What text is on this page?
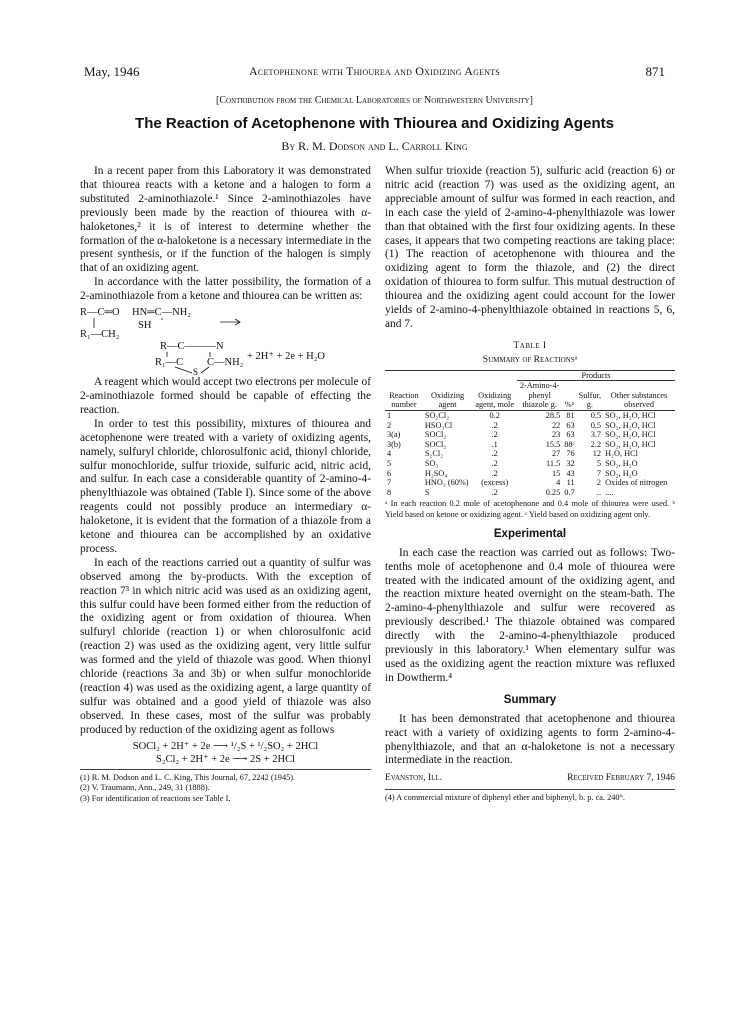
May, 1946	Acetophenone with Thiourea and Oxidizing Agents	871
[Contribution from the Chemical Laboratories of Northwestern University]
The Reaction of Acetophenone with Thiourea and Oxidizing Agents
By R. M. Dodson and L. Carroll King

In a recent paper from this Laboratory it was demonstrated that thiourea reacts with a ketone and a halogen to form a substituted 2-aminothiazole.¹ Since 2-aminothiazoles have previously been made by the reaction of thiourea with α-haloketones,² it is of interest to determine whether the formation of the α-haloketone is a necessary intermediate in the present synthesis, or if the function of the halogen is simply that of an oxidizing agent.

In accordance with the latter possibility, the formation of a 2-aminothiazole from a ketone and thiourea can be written as:

R—C═O HN═C—NH₂
R₁—CH₂
SH
R—C———N
R₁—C C—NH₂
S
+ 2H⁺ + 2e + H₂O

A reagent which would accept two electrons per molecule of 2-aminothiazole formed should be capable of effecting the reaction.

In order to test this possibility, mixtures of thiourea and acetophenone were treated with a variety of oxidizing agents, namely, sulfuryl chloride, chlorosulfonic acid, thionyl chloride, sulfur monochloride, sulfur trioxide, sulfuric acid, nitric acid, and sulfur. In each case a considerable quantity of 2-amino-4-phenylthiazole was obtained (Table I). Since some of the above reagents could not possibly produce an intermediary α-haloketone, it is evident that the formation of a thiazole from a ketone and thiourea can be accomplished by an oxidative process.

In each of the reactions carried out a quantity of sulfur was observed among the by-products. With the exception of reaction 7³ in which nitric acid was used as an oxidizing agent, this sulfur could have been formed either from the reduction of the oxidizing agent or from oxidation of thiourea. When sulfuryl chloride (reaction 1) or when chlorosulfonic acid (reaction 2) was used as the oxidizing agent, very little sulfur was formed and the yield of thiazole was good. When thionyl chloride (reactions 3a and 3b) or when sulfur monochloride (reaction 4) was used as the oxidizing agent, a large quantity of sulfur was obtained and a good yield of thiazole was also observed. In these cases, most of the sulfur was probably produced by reduction of the oxidizing agent as follows

SOCl₂ + 2H⁺ + 2e ⟶ ¹/₂S + ¹/₂SO₂ + 2HCl
S₂Cl₂ + 2H⁺ + 2e ⟶ 2S + 2HCl
(1) R. M. Dodson and L. C. King, This Journal, 67, 2242 (1945).
(2) V. Traumann, Ann., 249, 31 (1888).
(3) For identification of reactions see Table I.

When sulfur trioxide (reaction 5), sulfuric acid (reaction 6) or nitric acid (reaction 7) was used as the oxidizing agent, an appreciable amount of sulfur was formed in each reaction, and in each case the yield of 2-amino-4-phenylthiazole was lower than that obtained with the first four oxidizing agents. In these cases, it appears that two competing reactions are taking place: (1) The reaction of acetophenone with thiourea and the oxidizing agent to form the thiazole, and (2) the direct oxidation of thiourea to form sulfur. This mutual destruction of thiourea and the oxidizing agent could account for the lower yields of 2-amino-4-phenylthiazole obtained in reactions 5, 6, and 7.

Table I
Summary of Reactionsᵃ
Reaction number	Oxidizing agent	Oxidizing agent, mole	Products			
			2-Amino-4-phenyl thiazole g.	%ᵇ	Sulfur, g.	Other substances observed
1	SO₂Cl₂	0.2	28.5	81	0.5	SO₂, H₂O, HCl
2	HSO₃Cl	.2	22	63	0.5	SO₂, H₂O, HCl
3(a)	SOCl₂	.2	23	63	3.7	SO₂, H₂O, HCl
3(b)	SOCl₂	.1	15.5	88ᶜ	2.2	SO₂, H₂O, HCl
4	S₂Cl₂	.2	27	76	12	H₂O, HCl
5	SO₃	.2	11.5	32	5	SO₂, H₂O
6	H₂SO₄	.2	15	43	7	SO₂, H₂O
7	HNO₃ (60%)	(excess)	4	11	2	Oxides of nitrogen
8	S	.2	0.25	0.7	..	....
ᵃ In each reaction 0.2 mole of acetophenone and 0.4 mole of thiourea were used. ᵇ Yield based on ketone or oxidizing agent. ᶜ Yield based on oxidizing agent only.
Experimental

In each case the reaction was carried out as follows: Two-tenths mole of acetophenone and 0.4 mole of thiourea were treated with the indicated amount of the oxidizing agent, and the reaction mixture heated overnight on the steam-bath. The 2-amino-4-phenylthiazole and sulfur were recovered as previously described.¹ The thiazole obtained was compared directly with the 2-amino-4-phenylthiazole produced previously in this laboratory.¹ When elementary sulfur was used as the oxidizing agent the reaction mixture was refluxed in Dowtherm.⁴

Summary

It has been demonstrated that acetophenone and thiourea react with a variety of oxidizing agents to form 2-amino-4-phenylthiazole, and that an α-haloketone is not a necessary intermediate in the reaction.

Evanston, Ill.	Received February 7, 1946
(4) A commercial mixture of diphenyl ether and biphenyl, b. p. ca. 240°.
